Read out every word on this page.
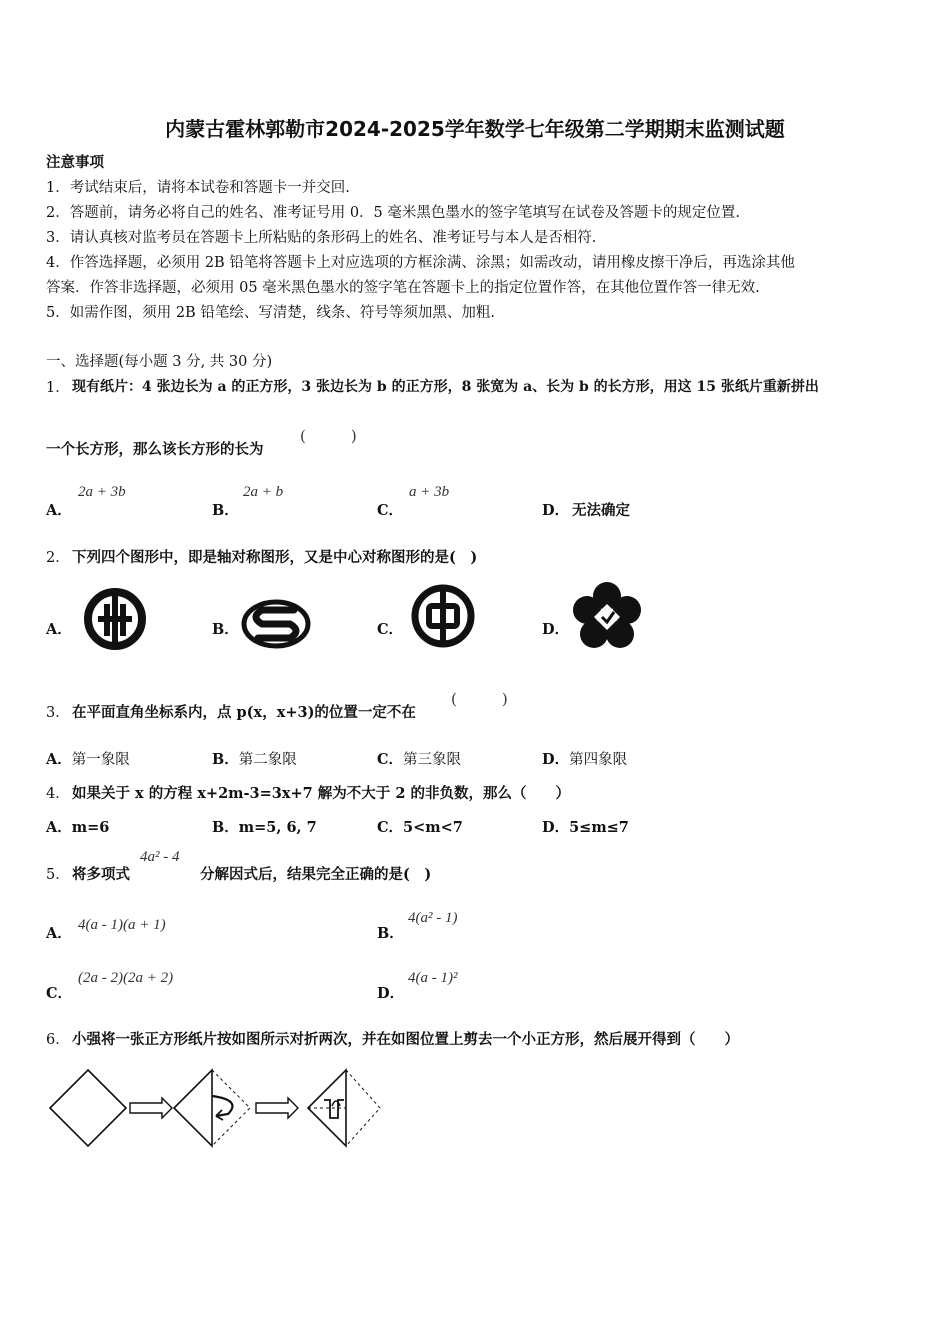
内蒙古霍林郭勒市2024-2025学年数学七年级第二学期期末监测试题
注意事项
1．考试结束后，请将本试卷和答题卡一并交回.
2．答题前，请务必将自己的姓名、准考证号用 0．5 毫米黑色墨水的签字笔填写在试卷及答题卡的规定位置.
3．请认真核对监考员在答题卡上所粘贴的条形码上的姓名、准考证号与本人是否相符.
4．作答选择题，必须用 2B 铅笔将答题卡上对应选项的方框涂满、涂黑；如需改动，请用橡皮擦干净后，再选涂其他
答案．作答非选择题，必须用 05 毫米黑色墨水的签字笔在答题卡上的指定位置作答，在其他位置作答一律无效.
5．如需作图，须用 2B 铅笔绘、写清楚，线条、符号等须加黑、加粗.
一、选择题(每小题 3 分, 共 30 分)
1． 现有纸片：4 张边长为 a 的正方形，3 张边长为 b 的正方形，8 张宽为 a、长为 b 的长方形，用这 15 张纸片重新拼出
一个长方形，那么该长方形的长为
(　　　)
A．
2a + 3b
B．
2a + b
C．
a + 3b
D． 无法确定
2． 下列四个图形中，即是轴对称图形，又是中心对称图形的是(　)
A．	B．	C．	D．
3． 在平面直角坐标系内，点 p(x，x+3)的位置一定不在
(　　　)
A．第一象限	B．第二象限	C．第三象限	D．第四象限
4． 如果关于 x 的方程 x+2m-3=3x+7 解为不大于 2 的非负数，那么（　　）
A．m=6	B．m=5, 6, 7	C．5<m<7	D．5≤m≤7
5． 将多项式
4a² - 4
分解因式后，结果完全正确的是(　)
A． 4(a - 1)(a + 1)	B．
4(a² - 1)
C．
(2a - 2)(2a + 2)
D．
4(a - 1)²
6． 小强将一张正方形纸片按如图所示对折两次，并在如图位置上剪去一个小正方形，然后展开得到（　　）
